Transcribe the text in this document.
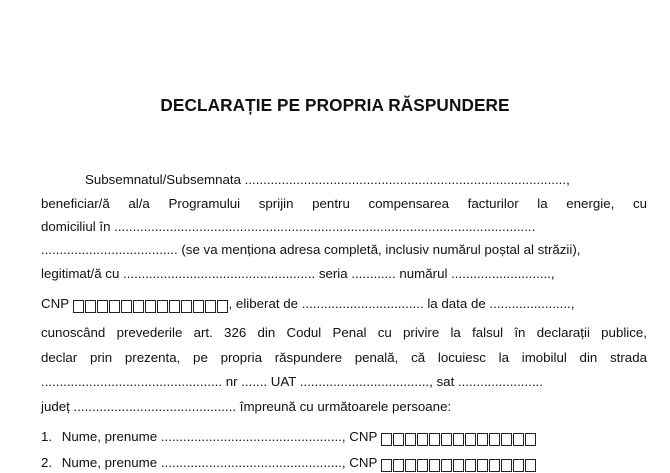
DECLARAȚIE PE PROPRIA RĂSPUNDERE
Subsemnatul/Subsemnata .......................................................................................,
beneficiar/ă al/a Programului sprijin pentru compensarea facturilor la energie, cu
domiciliul în ..................................................................................................................
..................................... (se va menționa adresa completă, inclusiv numărul poștal al străzii),
legitimat/ă cu .................................................... seria ............ numărul ...........................,
CNP	, eliberat de ................................. la data de ......................,
cunoscând prevederile art. 326 din Codul Penal cu privire la falsul în declarații publice,
declar prin prezenta, pe propria răspundere penală, că locuiesc la imobilul din strada
................................................. nr ....... UAT ..................................., sat .......................
județ ............................................ împreună cu următoarele persoane:
1. Nume, prenume ................................................., CNP
2. Nume, prenume ................................................., CNP
